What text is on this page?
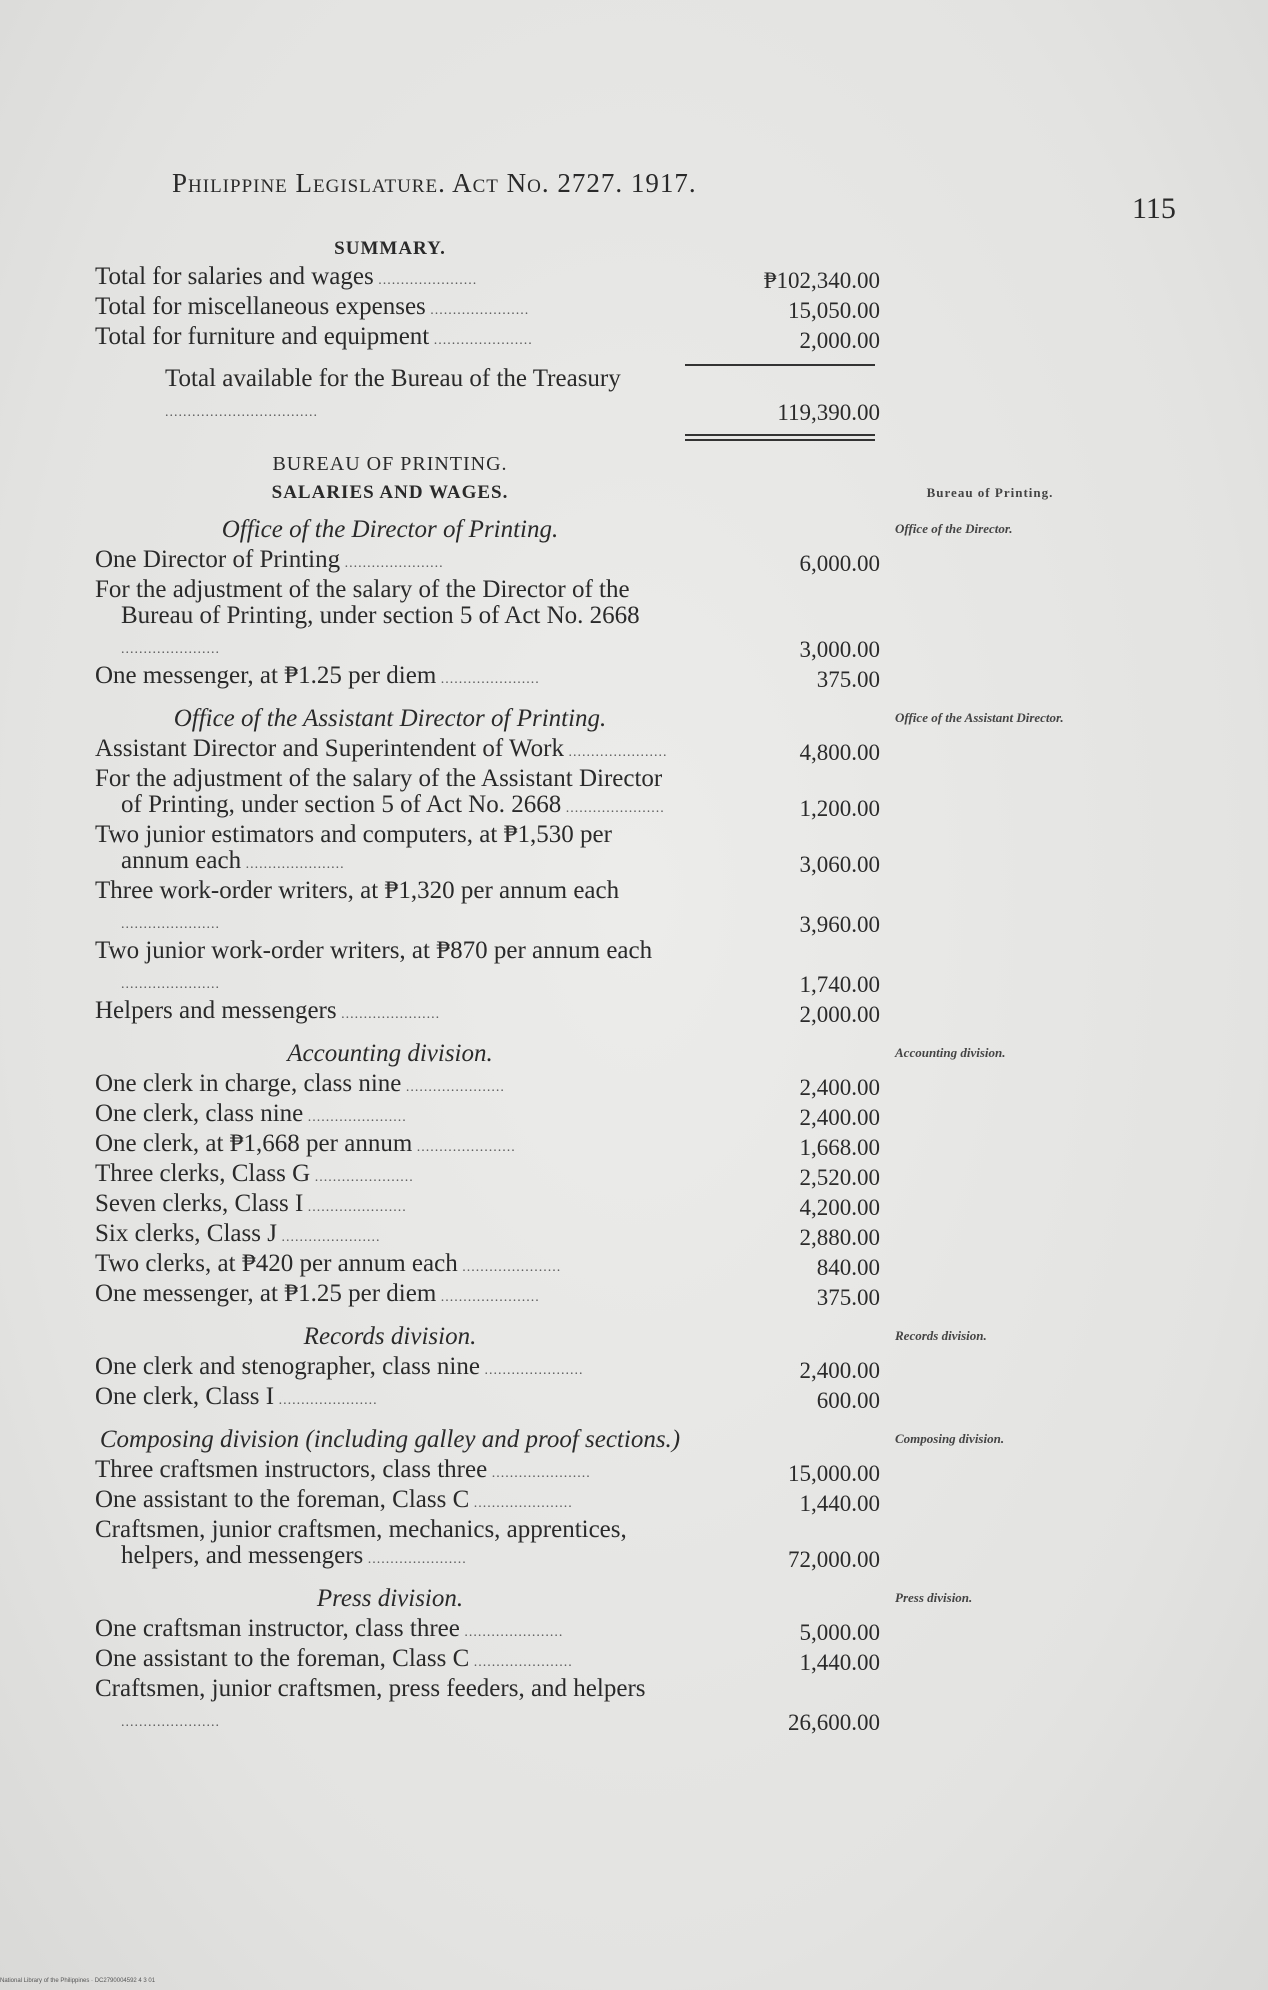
Philippine Legislature. Act No. 2727. 1917.
115
SUMMARY.
Total for salaries and wages ......................	₱102,340.00
Total for miscellaneous expenses ......................	15,050.00
Total for furniture and equipment ......................	2,000.00
Total available for the Bureau of the Treasury ..................................	119,390.00
BUREAU OF PRINTING.
SALARIES AND WAGES.	Bureau of Printing.
Office of the Director of Printing.	Office of the Director.
One Director of Printing ......................	6,000.00
For the adjustment of the salary of the Director of the Bureau of Printing, under section 5 of Act No. 2668 ......................	3,000.00
One messenger, at ₱1.25 per diem ......................	375.00
Office of the Assistant Director of Printing.	Office of the Assistant Director.
Assistant Director and Superintendent of Work ......................	4,800.00
For the adjustment of the salary of the Assistant Director of Printing, under section 5 of Act No. 2668 ......................	1,200.00
Two junior estimators and computers, at ₱1,530 per annum each ......................	3,060.00
Three work-order writers, at ₱1,320 per annum each ......................	3,960.00
Two junior work-order writers, at ₱870 per annum each ......................	1,740.00
Helpers and messengers ......................	2,000.00
Accounting division.	Accounting division.
One clerk in charge, class nine ......................	2,400.00
One clerk, class nine ......................	2,400.00
One clerk, at ₱1,668 per annum ......................	1,668.00
Three clerks, Class G ......................	2,520.00
Seven clerks, Class I ......................	4,200.00
Six clerks, Class J ......................	2,880.00
Two clerks, at ₱420 per annum each ......................	840.00
One messenger, at ₱1.25 per diem ......................	375.00
Records division.	Records division.
One clerk and stenographer, class nine ......................	2,400.00
One clerk, Class I ......................	600.00
Composing division (including galley and proof sections.)	Composing division.
Three craftsmen instructors, class three ......................	15,000.00
One assistant to the foreman, Class C ......................	1,440.00
Craftsmen, junior craftsmen, mechanics, apprentices, helpers, and messengers ......................	72,000.00
Press division.	Press division.
One craftsman instructor, class three ......................	5,000.00
One assistant to the foreman, Class C ......................	1,440.00
Craftsmen, junior craftsmen, press feeders, and helpers ......................	26,600.00
National Library of the Philippines · DC2790004592 4 3 01
